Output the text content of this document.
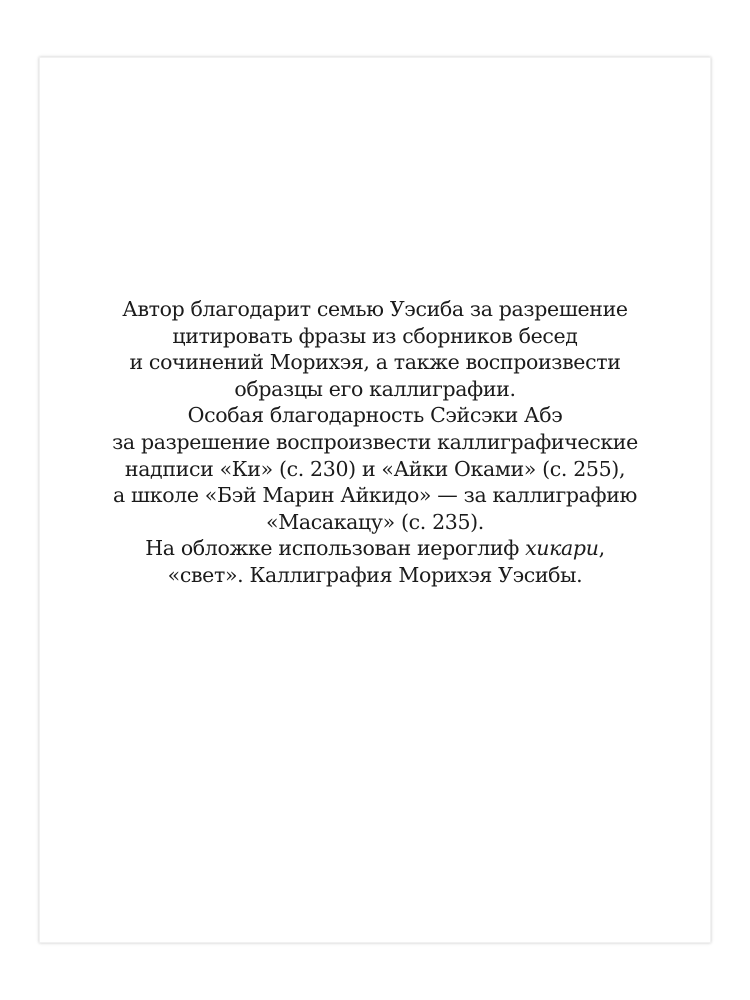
Автор благодарит семью Уэсиба за разрешение
цитировать фразы из сборников бесед
и сочинений Морихэя, а также воспроизвести
образцы его каллиграфии.
Особая благодарность Сэйсэки Абэ
за разрешение воспроизвести каллиграфические
надписи «Ки» (с. 230) и «Айки Оками» (с. 255),
а школе «Бэй Марин Айкидо» — за каллиграфию
«Масакацу» (с. 235).
На обложке использован иероглиф хикари,
«свет». Каллиграфия Морихэя Уэсибы.
